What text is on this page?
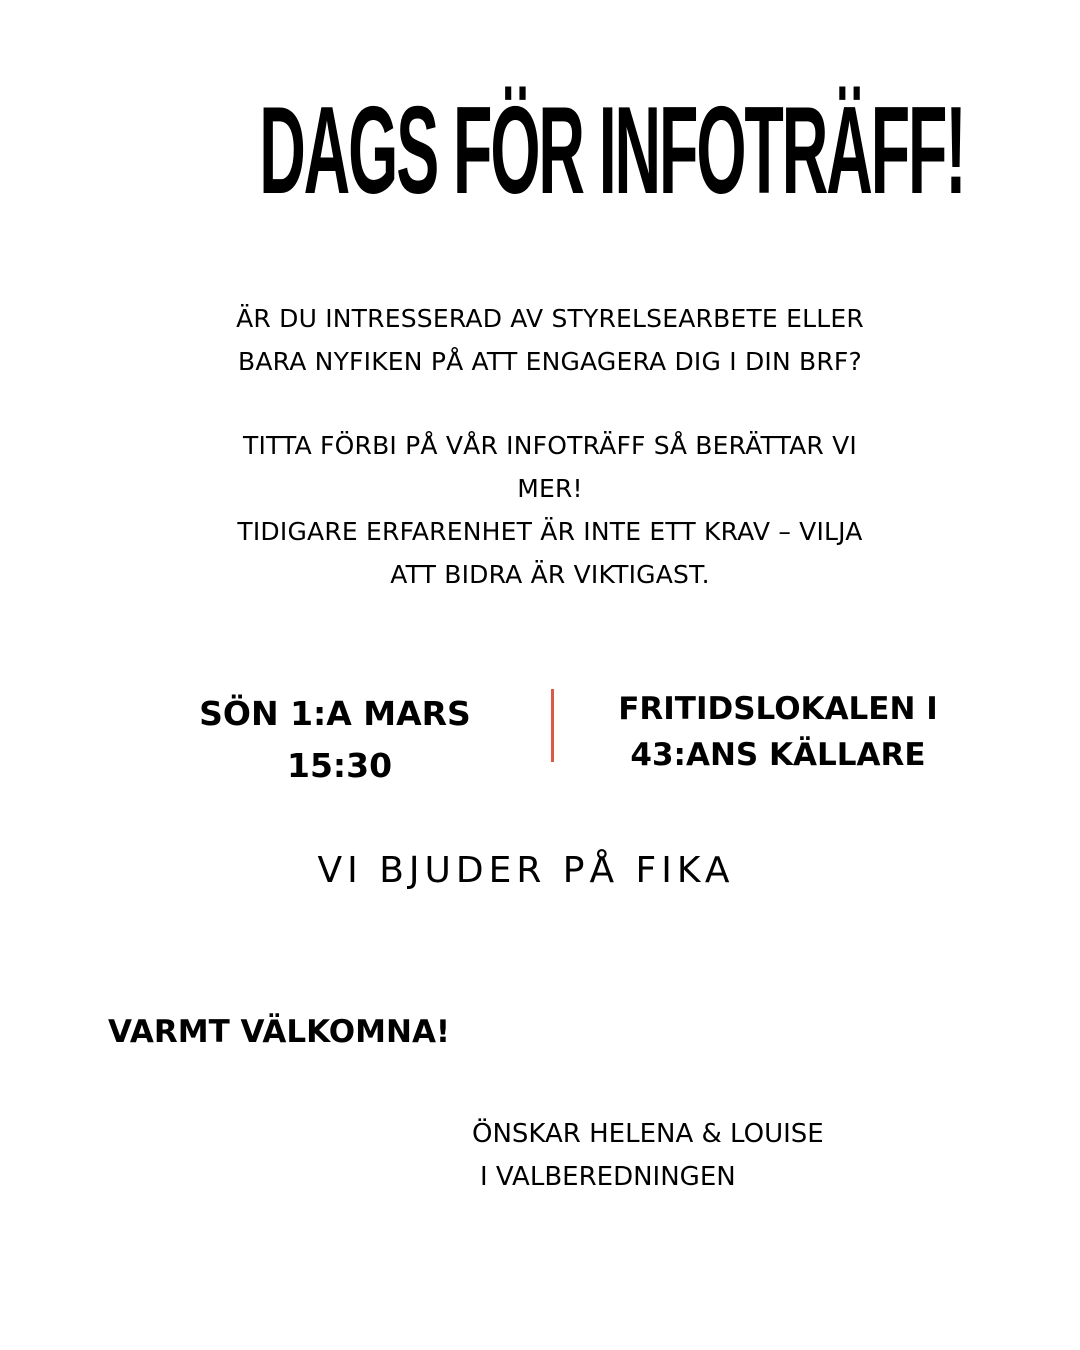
DAGS FÖR INFOTRÄFF!

ÄR DU INTRESSERAD AV STYRELSEARBETE ELLER

BARA NYFIKEN PÅ ATT ENGAGERA DIG I DIN BRF?

TITTA FÖRBI PÅ VÅR INFOTRÄFF SÅ BERÄTTAR VI

MER!

TIDIGARE ERFARENHET ÄR INTE ETT KRAV – VILJA

ATT BIDRA ÄR VIKTIGAST.

SÖN 1:A MARS
15:30
FRITIDSLOKALEN I
43:ANS KÄLLARE
VI BJUDER PÅ FIKA
VARMT VÄLKOMNA!
ÖNSKAR HELENA & LOUISE
I VALBEREDNINGEN
